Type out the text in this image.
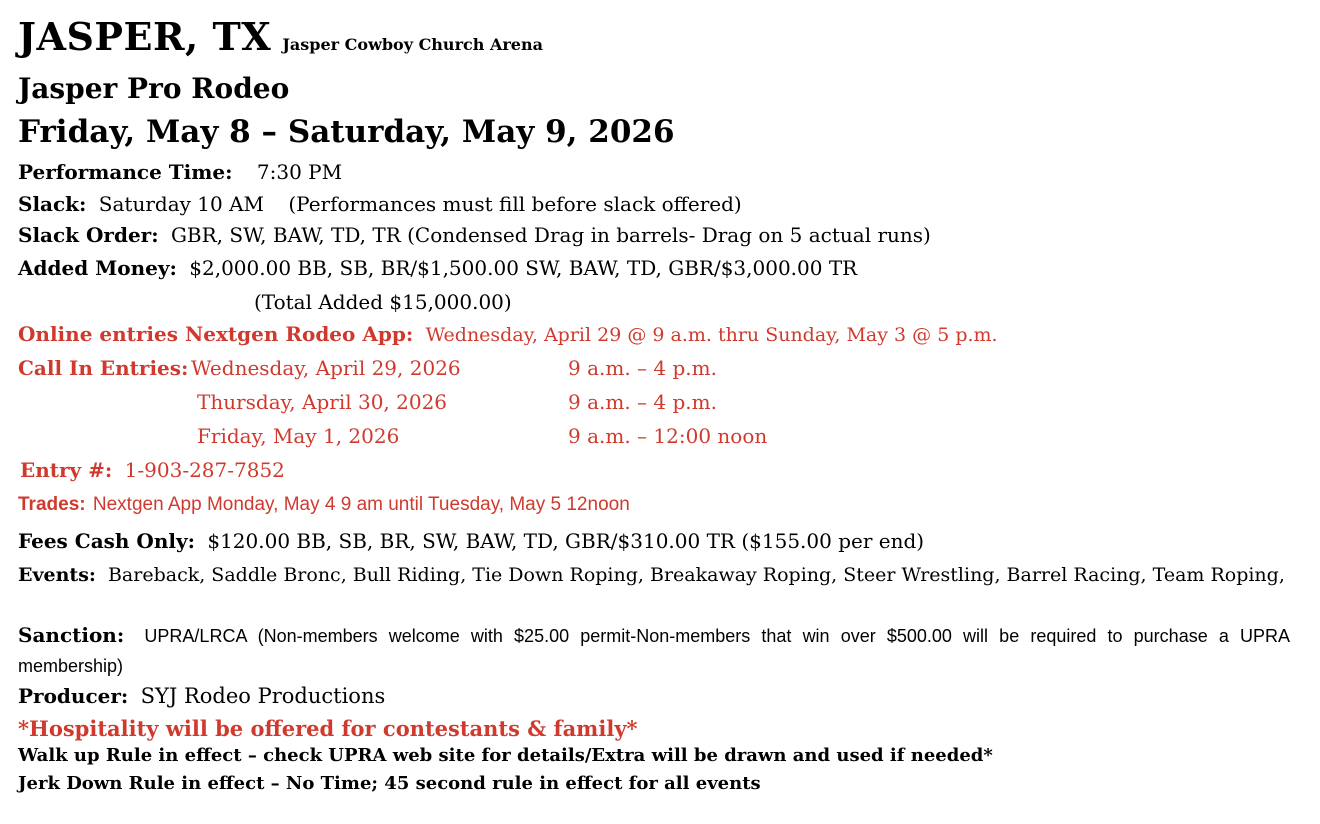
JASPER, TX Jasper Cowboy Church Arena
Jasper Pro Rodeo
Friday, May 8 – Saturday, May 9, 2026
Performance Time: 7:30 PM
Slack: Saturday 10 AM (Performances must fill before slack offered)
Slack Order: GBR, SW, BAW, TD, TR (Condensed Drag in barrels- Drag on 5 actual runs)
Added Money: $2,000.00 BB, SB, BR/$1,500.00 SW, BAW, TD, GBR/$3,000.00 TR
(Total Added $15,000.00)
Online entries Nextgen Rodeo App: Wednesday, April 29 @ 9 a.m. thru Sunday, May 3 @ 5 p.m.
Call In Entries: Wednesday, April 29, 2026	9 a.m. – 4 p.m.
Thursday, April 30, 2026	9 a.m. – 4 p.m.
Friday, May 1, 2026	9 a.m. – 12:00 noon
Entry #: 1-903-287-7852
Trades: Nextgen App Monday, May 4 9 am until Tuesday, May 5 12noon
Fees Cash Only: $120.00 BB, SB, BR, SW, BAW, TD, GBR/$310.00 TR ($155.00 per end)
Events: Bareback, Saddle Bronc, Bull Riding, Tie Down Roping, Breakaway Roping, Steer Wrestling, Barrel Racing, Team Roping,
Sanction: UPRA/LRCA (Non-members welcome with $25.00 permit-Non-members that win over $500.00 will be required to purchase a UPRA membership)
Producer: SYJ Rodeo Productions
*Hospitality will be offered for contestants & family*
Walk up Rule in effect – check UPRA web site for details/Extra will be drawn and used if needed*
Jerk Down Rule in effect – No Time; 45 second rule in effect for all events
